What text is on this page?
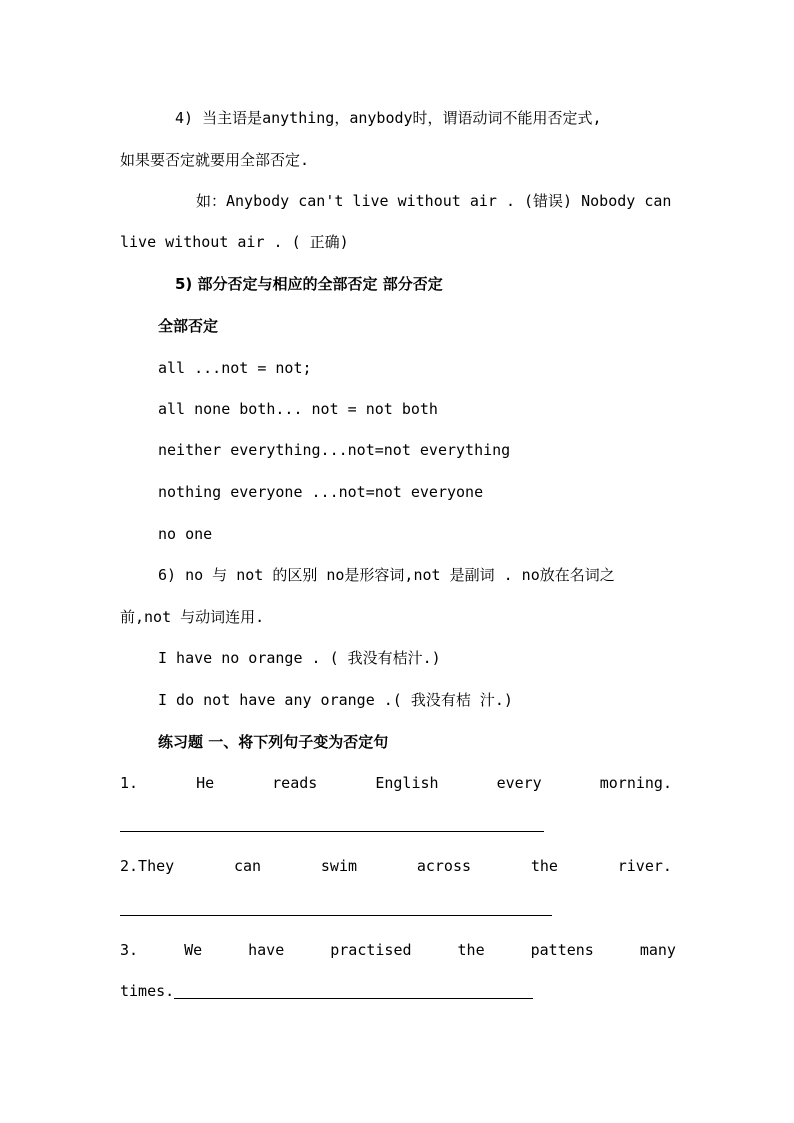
4) 当主语是anything，anybody时，谓语动词不能用否定式,
如果要否定就要用全部否定.
如：Anybody can't live without air . (错误) Nobody can
live without air . ( 正确)
5) 部分否定与相应的全部否定 部分否定
全部否定
all ...not = not;
all none both... not = not both
neither everything...not=not everything
nothing everyone ...not=not everyone
no one
6) no 与 not 的区别 no是形容词,not 是副词 . no放在名词之
前,not 与动词连用.
I have no orange . ( 我没有桔汁.)
I do not have any orange .( 我没有桔 汁.)
练习题 一、将下列句子变为否定句
1.	He	reads	English	every	morning.
2.They	can	swim	across	the	river.
3.	We	have	practised	the	pattens	many
times.
